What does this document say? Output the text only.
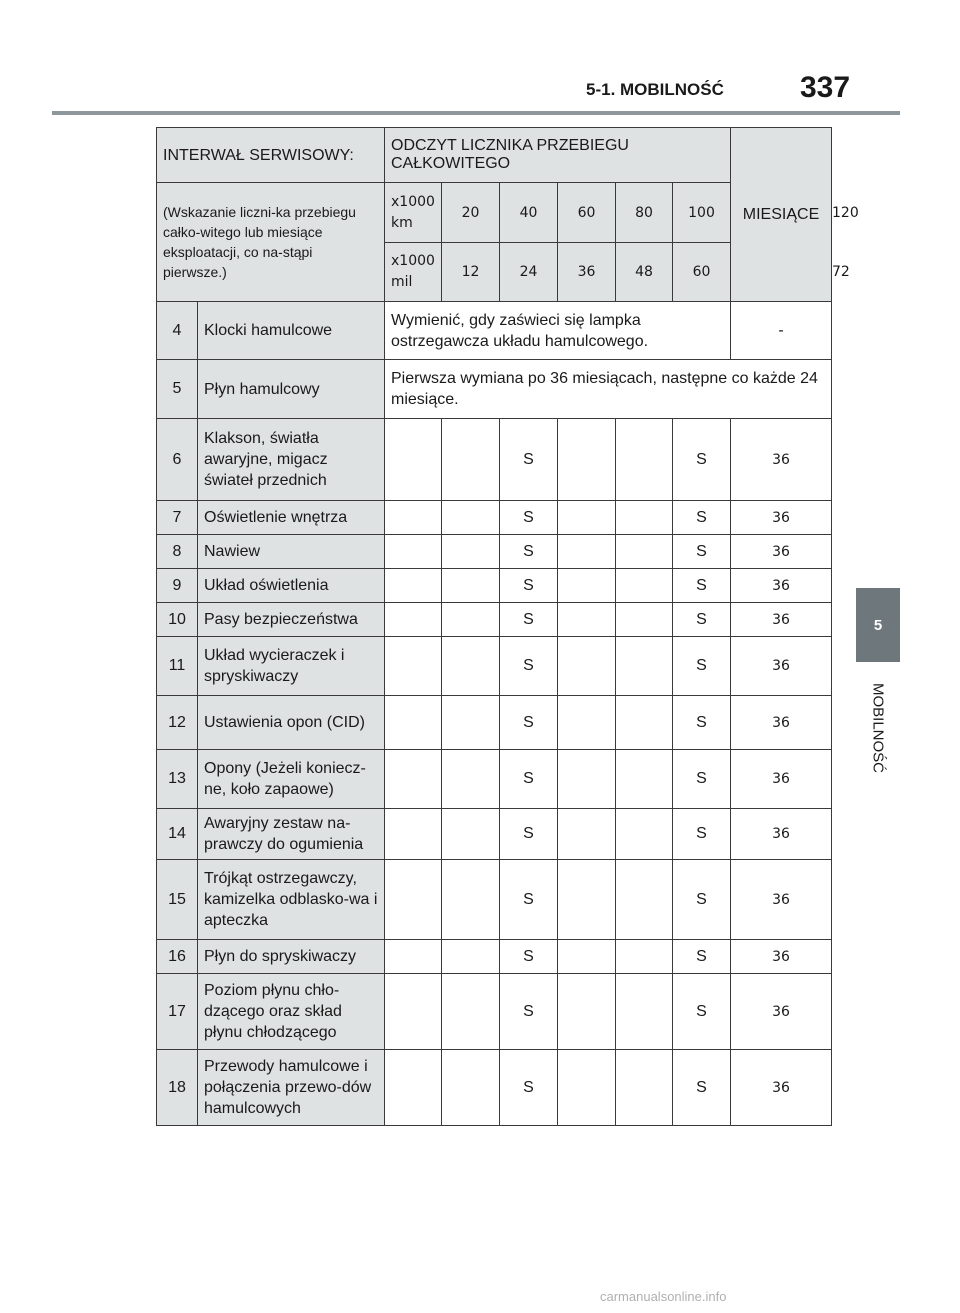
5-1. MOBILNOŚĆ	337
5
MOBILNOŚĆ
INTERWAŁ SERWISOWY:		ODCZYT LICZNIKA PRZEBIEGU CAŁKOWITEGO						MIESIĄCE	
(Wskazanie liczni-ka przebiegu całko-witego lub miesiące eksploatacji, co na-stąpi pierwsze.)		x1000 km	20	40	60	80	100		120
		x1000 mil	12	24	36	48	60		72
4	Klocki hamulcowe	Wymienić, gdy zaświeci się lampka ostrzegawcza układu hamulcowego.						-	
5	Płyn hamulcowy	Pierwsza wymiana po 36 miesiącach, następne co każde 24 miesiące.							
6	Klakson, światła awaryjne, migacz świateł przednich			S			S	36	
7	Oświetlenie wnętrza			S			S	36	
8	Nawiew			S			S	36	
9	Układ oświetlenia			S			S	36	
10	Pasy bezpieczeństwa			S			S	36	
11	Układ wycieraczek i spryskiwaczy			S			S	36	
12	Ustawienia opon (CID)			S			S	36	
13	Opony (Jeżeli koniecz-ne, koło zapaowe)			S			S	36	
14	Awaryjny zestaw na-prawczy do ogumienia			S			S	36	
15	Trójkąt ostrzegawczy, kamizelka odblasko-wa i apteczka			S			S	36	
16	Płyn do spryskiwaczy			S			S	36	
17	Poziom płynu chło-dzącego oraz skład płynu chłodzącego			S			S	36	
18	Przewody hamulcowe i połączenia przewo-dów hamulcowych			S			S	36	
carmanualsonline.info
